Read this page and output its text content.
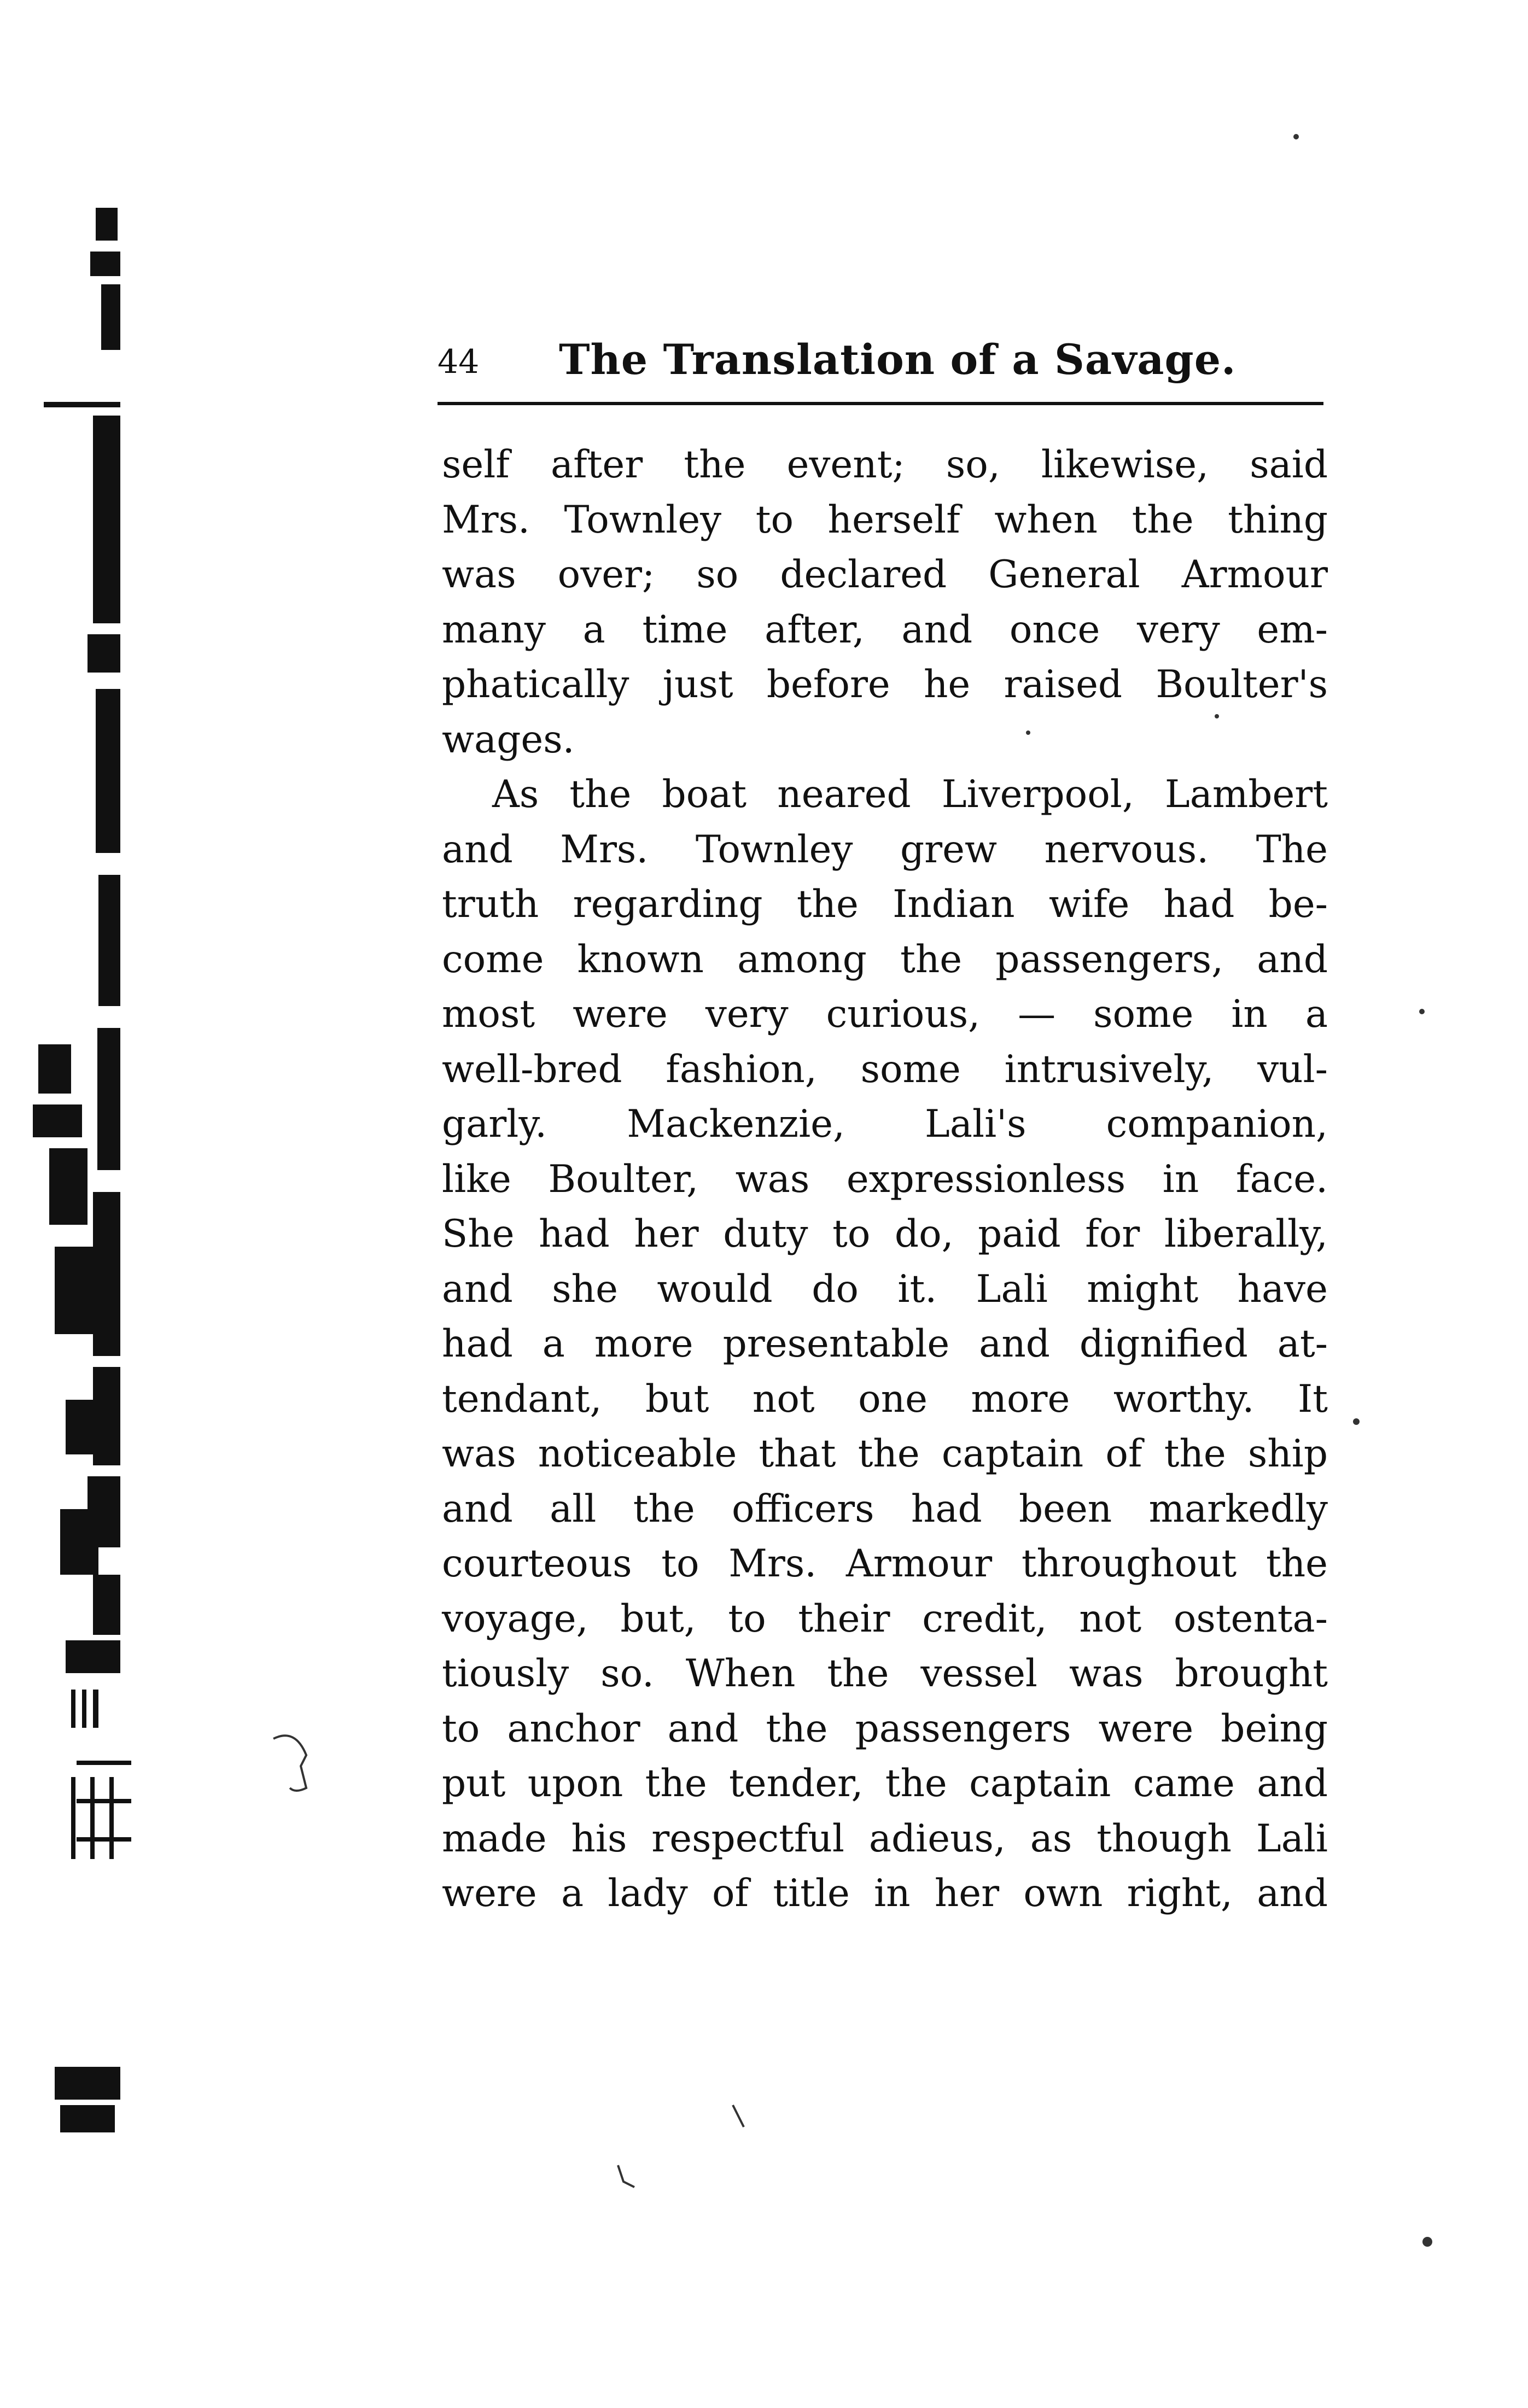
44 The Translation of a Savage.
self after the event; so, likewise, said
Mrs. Townley to herself when the thing
was over; so declared General Armour
many a time after, and once very em-
phatically just before he raised Boulter's
wages.
As the boat neared Liverpool, Lambert
and Mrs. Townley grew nervous. The
truth regarding the Indian wife had be-
come known among the passengers, and
most were very curious, — some in a
well-bred fashion, some intrusively, vul-
garly. Mackenzie, Lali's companion,
like Boulter, was expressionless in face.
She had her duty to do, paid for liberally,
and she would do it. Lali might have
had a more presentable and dignified at-
tendant, but not one more worthy. It
was noticeable that the captain of the ship
and all the officers had been markedly
courteous to Mrs. Armour throughout the
voyage, but, to their credit, not ostenta-
tiously so. When the vessel was brought
to anchor and the passengers were being
put upon the tender, the captain came and
made his respectful adieus, as though Lali
were a lady of title in her own right, and
